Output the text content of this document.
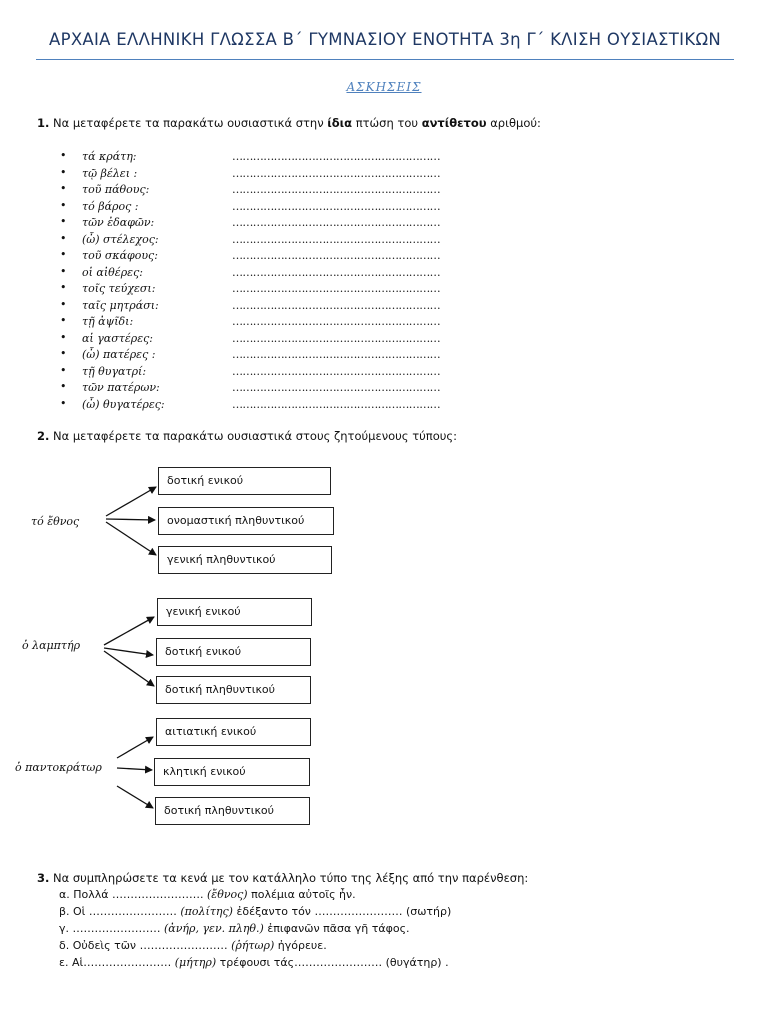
ΑΡΧΑΙΑ ΕΛΛΗΝΙΚΗ ΓΛΩΣΣΑ Β΄ ΓΥΜΝΑΣΙΟΥ ΕΝΟΤΗΤΑ 3η Γ΄ ΚΛΙΣΗ ΟΥΣΙΑΣΤΙΚΩΝ
ΑΣΚΗΣΕΙΣ
1. Να μεταφέρετε τα παρακάτω ουσιαστικά στην ίδια πτώση του αντίθετου αριθμού:
• τά κράτη:	……………………………………………………
• τῷ βέλει :	……………………………………………………
• τοῦ πάθους:	……………………………………………………
• τό βάρος :	……………………………………………………
• τῶν ἐδαφῶν:	……………………………………………………
• (ὦ) στέλεχος:	……………………………………………………
• τοῦ σκάφους:	……………………………………………………
• οἱ αἰθέρες:	……………………………………………………
• τοῖς τεύχεσι:	……………………………………………………
• ταῖς μητράσι:	……………………………………………………
• τῇ ἀψῖδι:	……………………………………………………
• αἱ γαστέρες:	……………………………………………………
• (ὦ) πατέρες :	……………………………………………………
• τῇ θυγατρί:	……………………………………………………
• τῶν πατέρων:	……………………………………………………
• (ὦ) θυγατέρες:	……………………………………………………
2. Να μεταφέρετε τα παρακάτω ουσιαστικά στους ζητούμενους τύπους:
τό ἔθνος
δοτική ενικού
ονομαστική πληθυντικού
γενική πληθυντικού
ὁ λαμπτήρ
γενική ενικού
δοτική ενικού
δοτική πληθυντικού
ὁ παντοκράτωρ
αιτιατική ενικού
κλητική ενικού
δοτική πληθυντικού
3. Να συμπληρώσετε τα κενά με τον κατάλληλο τύπο της λέξης από την παρένθεση:
α. Πολλά ……………………. (ἔθνος) πολέμια αὐτοῖς ἦν.
β. Οἱ …………………… (πολίτης) ἐδέξαντο τόν …………………… (σωτήρ)
γ. …………………… (ἀνήρ, γεν. πληθ.) ἐπιφανῶν πᾶσα γῆ τάφος.
δ. Οὐδεὶς τῶν …………………… (ῥήτωρ) ἠγόρευε.
ε. Αἱ…………………… (μήτηρ) τρέφουσι τάς…………………… (θυγάτηρ) .
